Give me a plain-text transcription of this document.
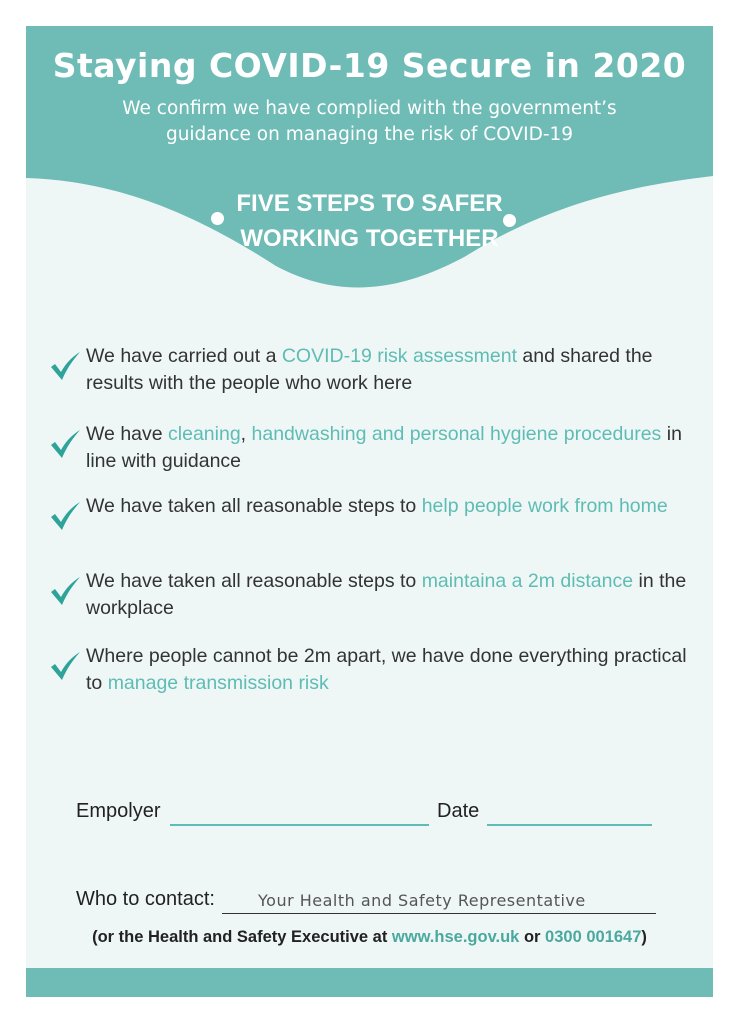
Staying COVID-19 Secure in 2020
We confirm we have complied with the government’s
guidance on managing the risk of COVID-19
FIVE STEPS TO SAFER
WORKING TOGETHER
We have carried out a COVID-19 risk assessment and shared the results with the people who work here
We have cleaning, handwashing and personal hygiene procedures in line with guidance
We have taken all reasonable steps to help people work from home
We have taken all reasonable steps to maintaina a 2m distance in the workplace
Where people cannot be 2m apart, we have done everything practical to manage transmission risk
Empolyer	Date
Who to contact:	Your Health and Safety Representative
(or the Health and Safety Executive at www.hse.gov.uk or 0300 001647)
